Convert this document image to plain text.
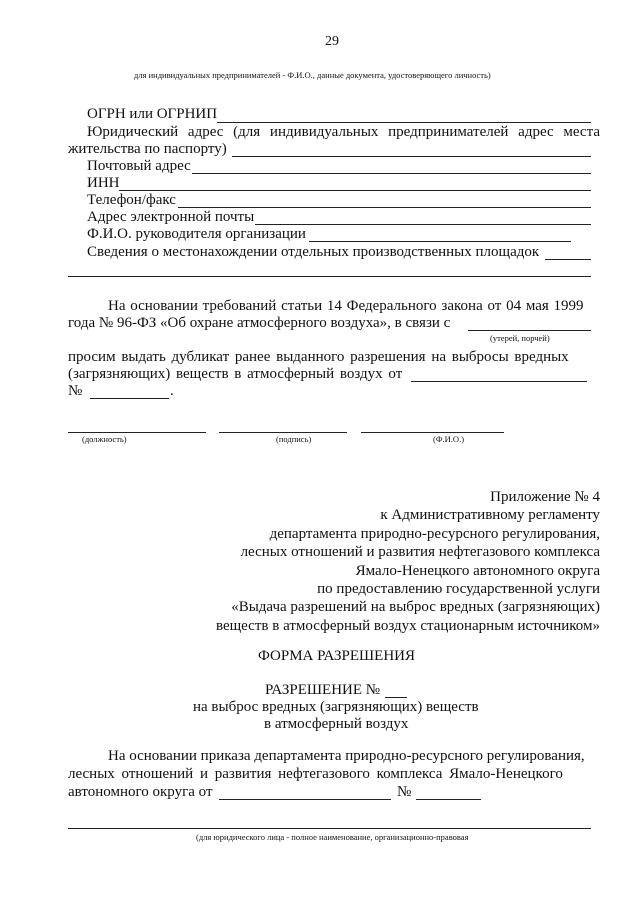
29
для индивидуальных предпринимателей - Ф.И.О., данные документа, удостоверяющего личность)
ОГРН или ОГРНИП
Юридический адрес (для индивидуальных предпринимателей адрес места
жительства по паспорту)
Почтовый адрес
ИНН
Телефон/факс
Адрес электронной почты
Ф.И.О. руководителя организации
Сведения о местонахождении отдельных производственных площадок
На основании требований статьи 14 Федерального закона от 04 мая 1999
года № 96-ФЗ «Об охране атмосферного воздуха», в связи с
(утерей, порчей)
просим выдать дубликат ранее выданного разрешения на выбросы вредных
(загрязняющих) веществ в атмосферный воздух от
№	.
(должность)	(подпись)	(Ф.И.О.)
Приложение № 4
к Административному регламенту
департамента природно-ресурсного регулирования,
лесных отношений и развития нефтегазового комплекса
Ямало-Ненецкого автономного округа
по предоставлению государственной услуги
«Выдача разрешений на выброс вредных (загрязняющих)
веществ в атмосферный воздух стационарным источником»
ФОРМА РАЗРЕШЕНИЯ
РАЗРЕШЕНИЕ №
на выброс вредных (загрязняющих) веществ
в атмосферный воздух
На основании приказа департамента природно-ресурсного регулирования,
лесных отношений и развития нефтегазового комплекса Ямало-Ненецкого
автономного округа от	№
(для юридического лица - полное наименование, организационно-правовая
